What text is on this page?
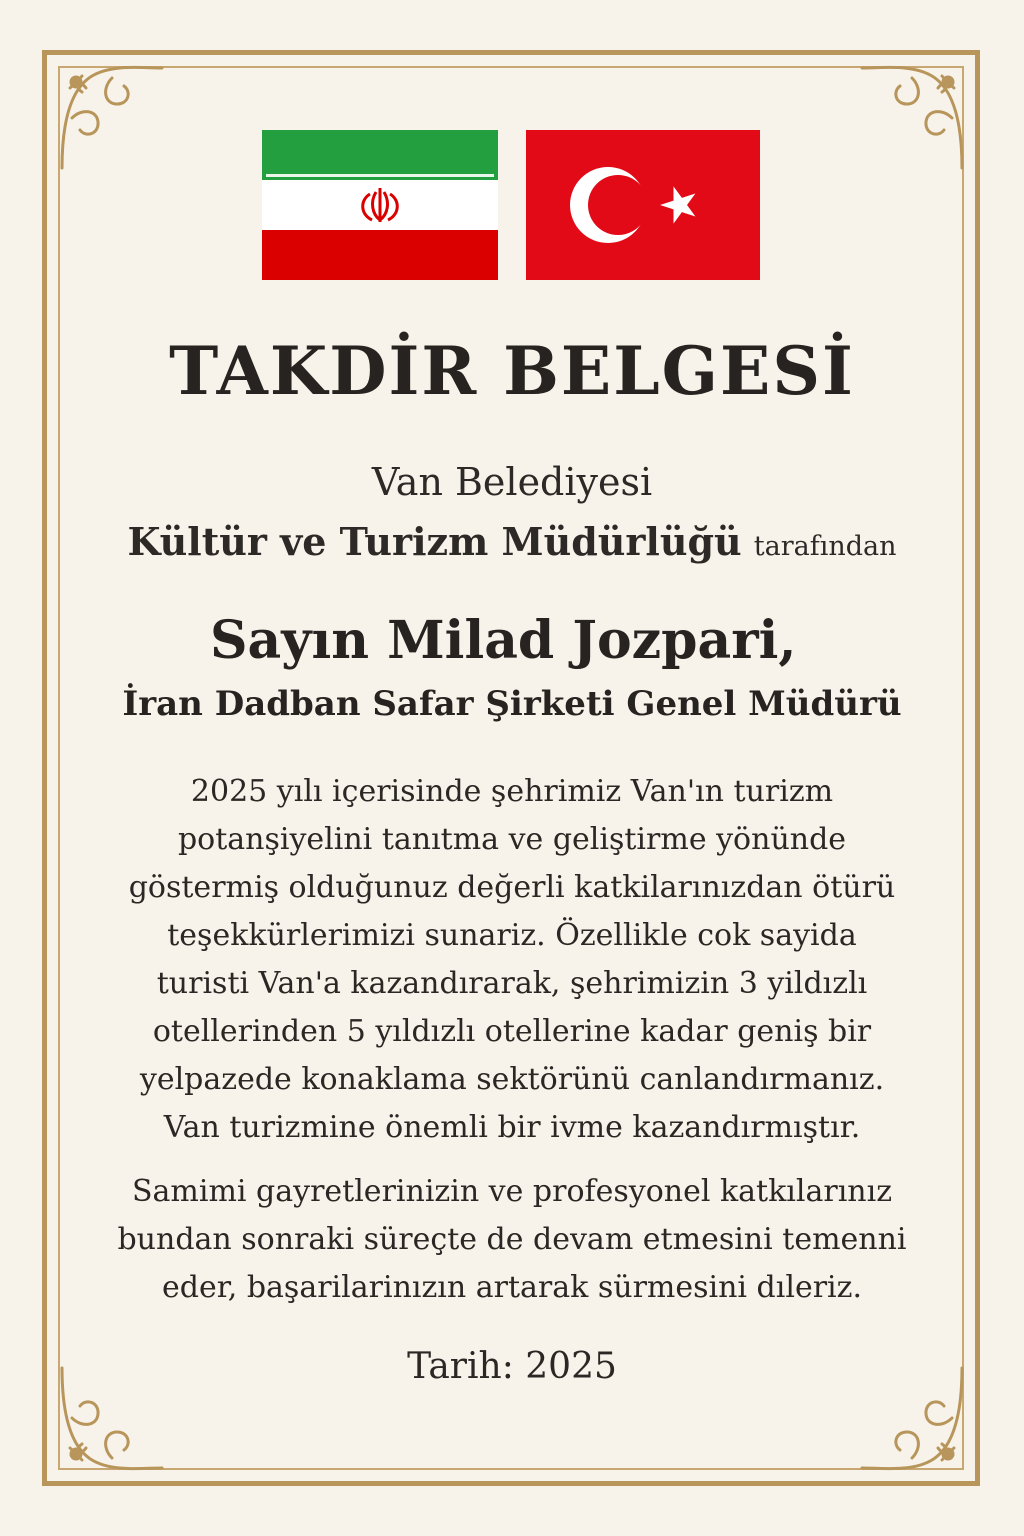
TAKDİR BELGESİ
Van Belediyesi
Kültür ve Turizm Müdürlüğü tarafından
Sayın Milad Jozpari,
İran Dadban Safar Şirketi Genel Müdürü
2025 yılı içerisinde şehrimiz Van'ın turizm potanşiyelini tanıtma ve geliştirme yönünde göstermiş olduğunuz değerli katkilarınızdan ötürü teşekkürlerimizi sunariz. Özellikle cok sayida turisti Van'a kazandırarak, şehrimizin 3 yildızlı otellerinden 5 yıldızlı otellerine kadar geniş bir yelpazede konaklama sektörünü canlandırmanız. Van turizmine önemli bir ivme kazandırmıştır.
Samimi gayretlerinizin ve profesyonel katkılarınız bundan sonraki süreçte de devam etmesini temenni eder, başarilarinızın artarak sürmesini dıleriz.
Tarih: 2025
